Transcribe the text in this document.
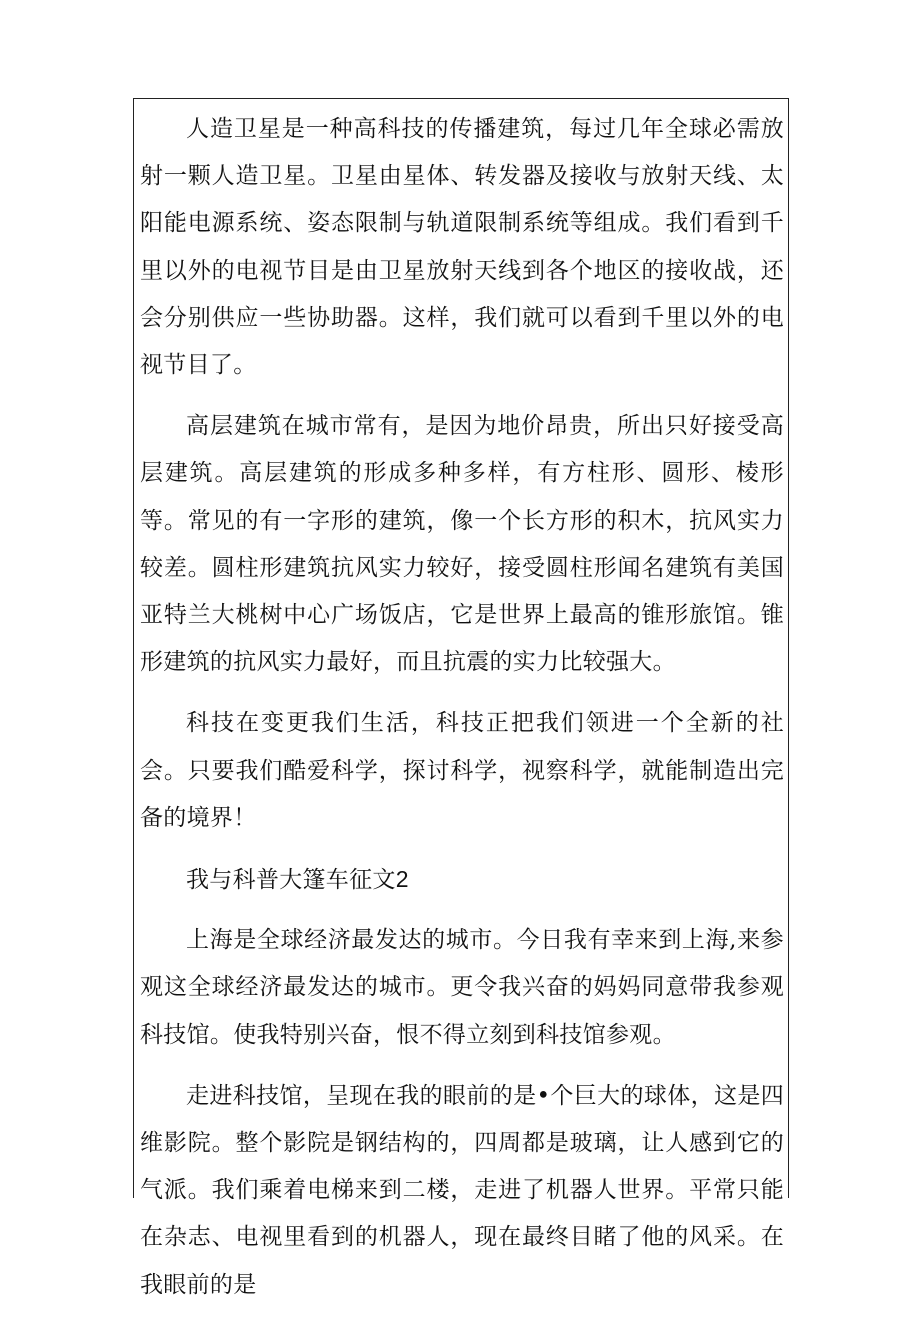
人造卫星是一种高科技的传播建筑，每过几年全球必需放射一颗人造卫星。卫星由星体、转发器及接收与放射天线、太阳能电源系统、姿态限制与轨道限制系统等组成。我们看到千里以外的电视节目是由卫星放射天线到各个地区的接收战，还会分别供应一些协助器。这样，我们就可以看到千里以外的电视节目了。

高层建筑在城市常有，是因为地价昂贵，所出只好接受高层建筑。高层建筑的形成多种多样，有方柱形、圆形、棱形等。常见的有一字形的建筑，像一个长方形的积木，抗风实力较差。圆柱形建筑抗风实力较好，接受圆柱形闻名建筑有美国亚特兰大桃树中心广场饭店，它是世界上最高的锥形旅馆。锥形建筑的抗风实力最好，而且抗震的实力比较强大。

科技在变更我们生活，科技正把我们领进一个全新的社会。只要我们酷爱科学，探讨科学，视察科学，就能制造出完备的境界！

我与科普大篷车征文2

上海是全球经济最发达的城市。今日我有幸来到上海,来参观这全球经济最发达的城市。更令我兴奋的妈妈同意带我参观科技馆。使我特别兴奋，恨不得立刻到科技馆参观。

走进科技馆，呈现在我的眼前的是•个巨大的球体，这是四维影院。整个影院是钢结构的，四周都是玻璃，让人感到它的气派。我们乘着电梯来到二楼，走进了机器人世界。平常只能在杂志、电视里看到的机器人，现在最终目睹了他的风采。在我眼前的是
